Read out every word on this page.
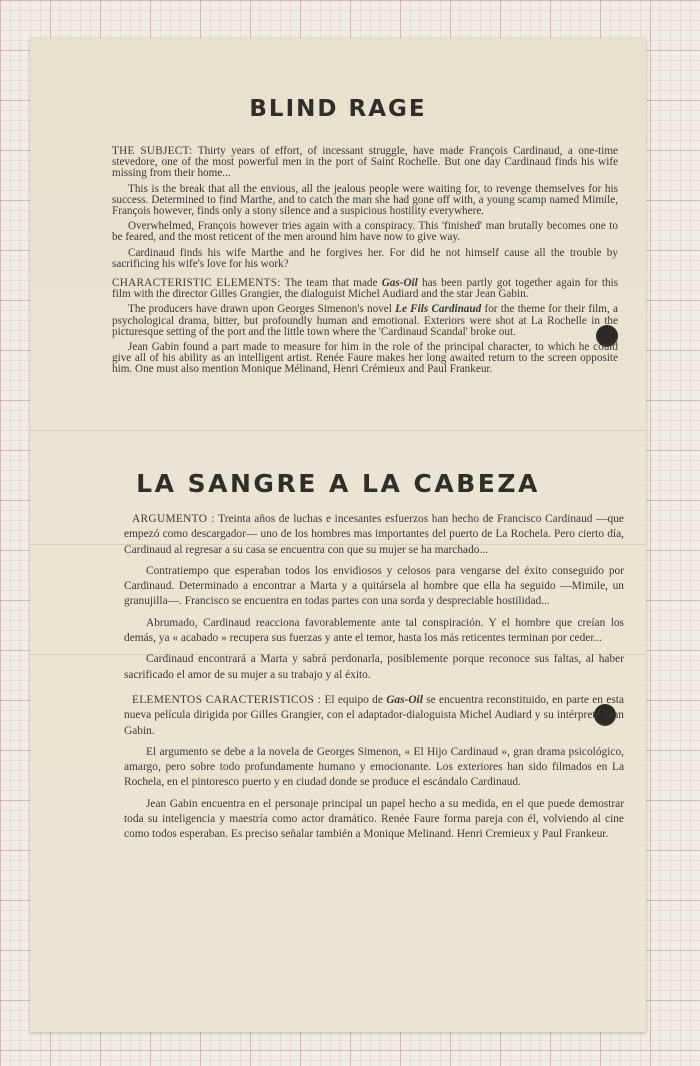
BLIND RAGE

THE SUBJECT: Thirty years of effort, of incessant struggle, have made François Cardinaud, a one-time stevedore, one of the most powerful men in the port of Saint Rochelle. But one day Cardinaud finds his wife missing from their home...

This is the break that all the envious, all the jealous people were waiting for, to revenge themselves for his success. Determined to find Marthe, and to catch the man she had gone off with, a young scamp named Mimile, François however, finds only a stony silence and a suspicious hostility everywhere.

Overwhelmed, François however tries again with a conspiracy. This 'finished' man brutally becomes one to be feared, and the most reticent of the men around him have now to give way.

Cardinaud finds his wife Marthe and he forgives her. For did he not himself cause all the trouble by sacrificing his wife's love for his work?

CHARACTERISTIC ELEMENTS: The team that made Gas-Oil has been partly got together again for this film with the director Gilles Grangier, the dialoguist Michel Audiard and the star Jean Gabin.

The producers have drawn upon Georges Simenon's novel Le Fils Cardinaud for the theme for their film, a psychological drama, bitter, but profoundly human and emotional. Exteriors were shot at La Rochelle in the picturesque setting of the port and the little town where the 'Cardinaud Scandal' broke out.

Jean Gabin found a part made to measure for him in the role of the principal character, to which he could give all of his ability as an intelligent artist. Renée Faure makes her long awaited return to the screen opposite him. One must also mention Monique Mélinand, Henri Crémieux and Paul Frankeur.

LA SANGRE A LA CABEZA

ARGUMENTO : Treinta años de luchas e incesantes esfuerzos han hecho de Francisco Cardinaud —que empezó como descargador— uno de los hombres mas importantes del puerto de La Rochela. Pero cierto día, Cardinaud al regresar a su casa se encuentra con que su mujer se ha marchado...

Contratiempo que esperaban todos los envidiosos y celosos para vengarse del éxito conseguido por Cardinaud. Determinado a encontrar a Marta y a quitársela al hombre que ella ha seguido —Mimile, un granujilla—. Francisco se encuentra en todas partes con una sorda y despreciable hostilidad...

Abrumado, Cardinaud reacciona favorablemente ante tal conspiración. Y el hombre que creían los demás, ya « acabado » recupera sus fuerzas y ante el temor, hasta los más reticentes terminan por ceder...

Cardinaud encontrará a Marta y sabrá perdonarla, posiblemente porque reconoce sus faltas, al haber sacrificado el amor de su mujer a su trabajo y al éxito.

ELEMENTOS CARACTERISTICOS : El equipo de Gas-Oil se encuentra reconstituido, en parte en esta nueva película dirigida por Gilles Grangier, con el adaptador-dialoguista Michel Audiard y su intérprete Jean Gabin.

El argumento se debe a la novela de Georges Simenon, « El Hijo Cardinaud », gran drama psicológico, amargo, pero sobre todo profundamente humano y emocionante. Los exteriores han sido filmados en La Rochela, en el pintoresco puerto y en ciudad donde se produce el escándalo Cardinaud.

Jean Gabin encuentra en el personaje principal un papel hecho a su medida, en el que puede demostrar toda su inteligencia y maestría como actor dramático. Renée Faure forma pareja con él, volviendo al cine como todos esperaban. Es preciso señalar también a Monique Melinand. Henri Cremieux y Paul Frankeur.
